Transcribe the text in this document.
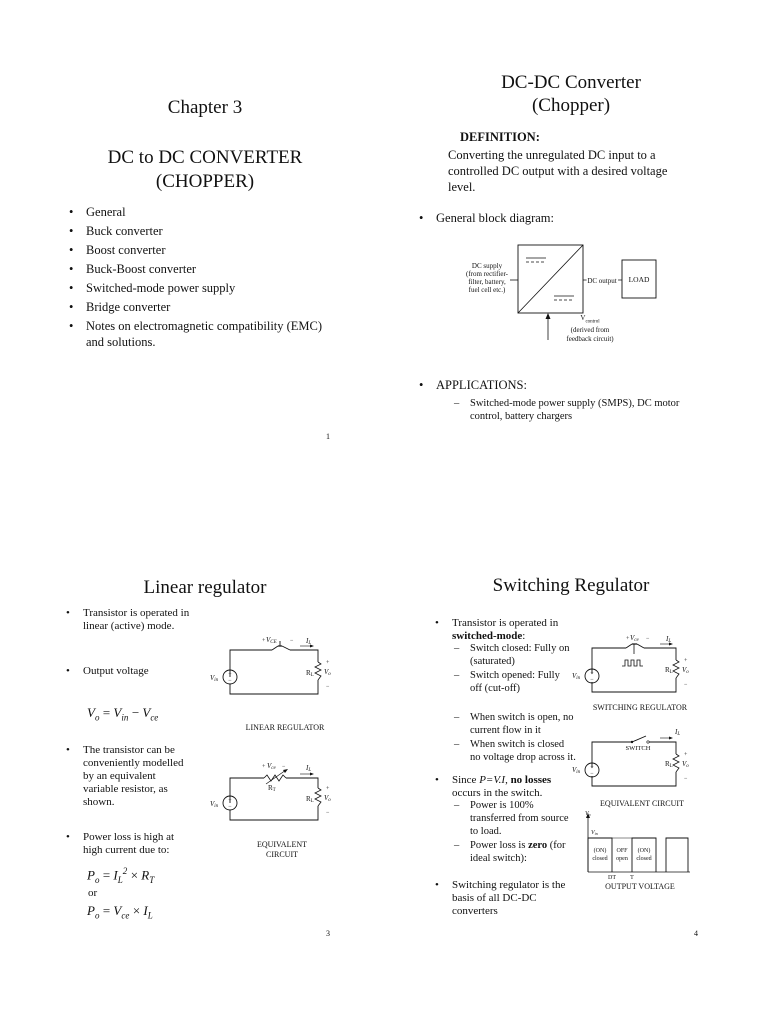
Chapter 3
DC to DC CONVERTER
(CHOPPER)
• General
• Buck converter
• Boost converter
• Buck-Boost converter
• Switched-mode power supply
• Bridge converter
• Notes on electromagnetic compatibility (EMC) and solutions.
1
DC-DC Converter
(Chopper)
DEFINITION:
Converting the unregulated DC input to a controlled DC output with a desired voltage level.
• General block diagram:
DC supply
(from rectifier-
filter, battery,
fuel cell etc.)
DC output LOAD
$V_{control}$
(derived from
feedback circuit)
• APPLICATIONS:
– Switched-mode power supply (SMPS), DC motor control, battery chargers
Linear regulator
• Transistor is operated in linear (active) mode.
• Output voltage
$V_o = V_{in} - V_{ce}$
• The transistor can be conveniently modelled by an equivalent variable resistor, as shown.
• Power loss is high at high current due to:
$P_o = I_L^2 \times R_T$
or
$P_o = V_{ce} \times I_L$
+
−
+ VCE − IL
RL
+
Vo
−
Vin
LINEAR REGULATOR
+
−
+ Vce −
RT
IL
RL
+
Vo
−
Vin
EQUIVALENT
CIRCUIT
3
Switching Regulator
• Transistor is operated in switched-mode:
– Switch closed: Fully on (saturated)
– Switch opened: Fully off (cut-off)
– When switch is open, no current flow in it
– When switch is closed no voltage drop across it.
• Since P=V.I, no losses occurs in the switch.
– Power is 100% transferred from source to load.
– Power loss is zero (for ideal switch):
• Switching regulator is the basis of all DC-DC converters
+
−
+ Vce − IL
RL
+
Vo
−
Vin
SWITCHING REGULATOR
+
−
SWITCH
IL
RL
+
Vo
−
Vin
EQUIVALENT CIRCUIT
Vo
Vin
(ON)
closed
OFF
open
(ON)
closed
DT T
OUTPUT VOLTAGE
4
